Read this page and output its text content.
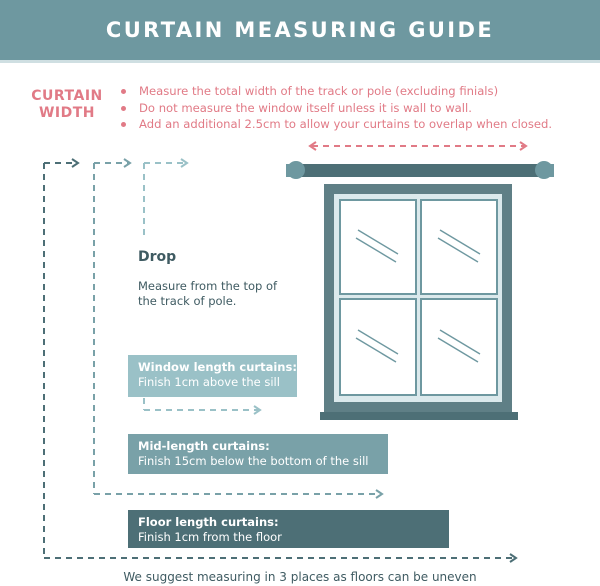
CURTAIN MEASURING GUIDE
CURTAIN
WIDTH
Measure the total width of the track or pole (excluding finials)
Do not measure the window itself unless it is wall to wall.
Add an additional 2.5cm to allow your curtains to overlap when closed.
Drop
Measure from the top of the track of pole.
Window length curtains:
Finish 1cm above the sill
Mid-length curtains:
Finish 15cm below the bottom of the sill
Floor length curtains:
Finish 1cm from the floor
We suggest measuring in 3 places as floors can be uneven
